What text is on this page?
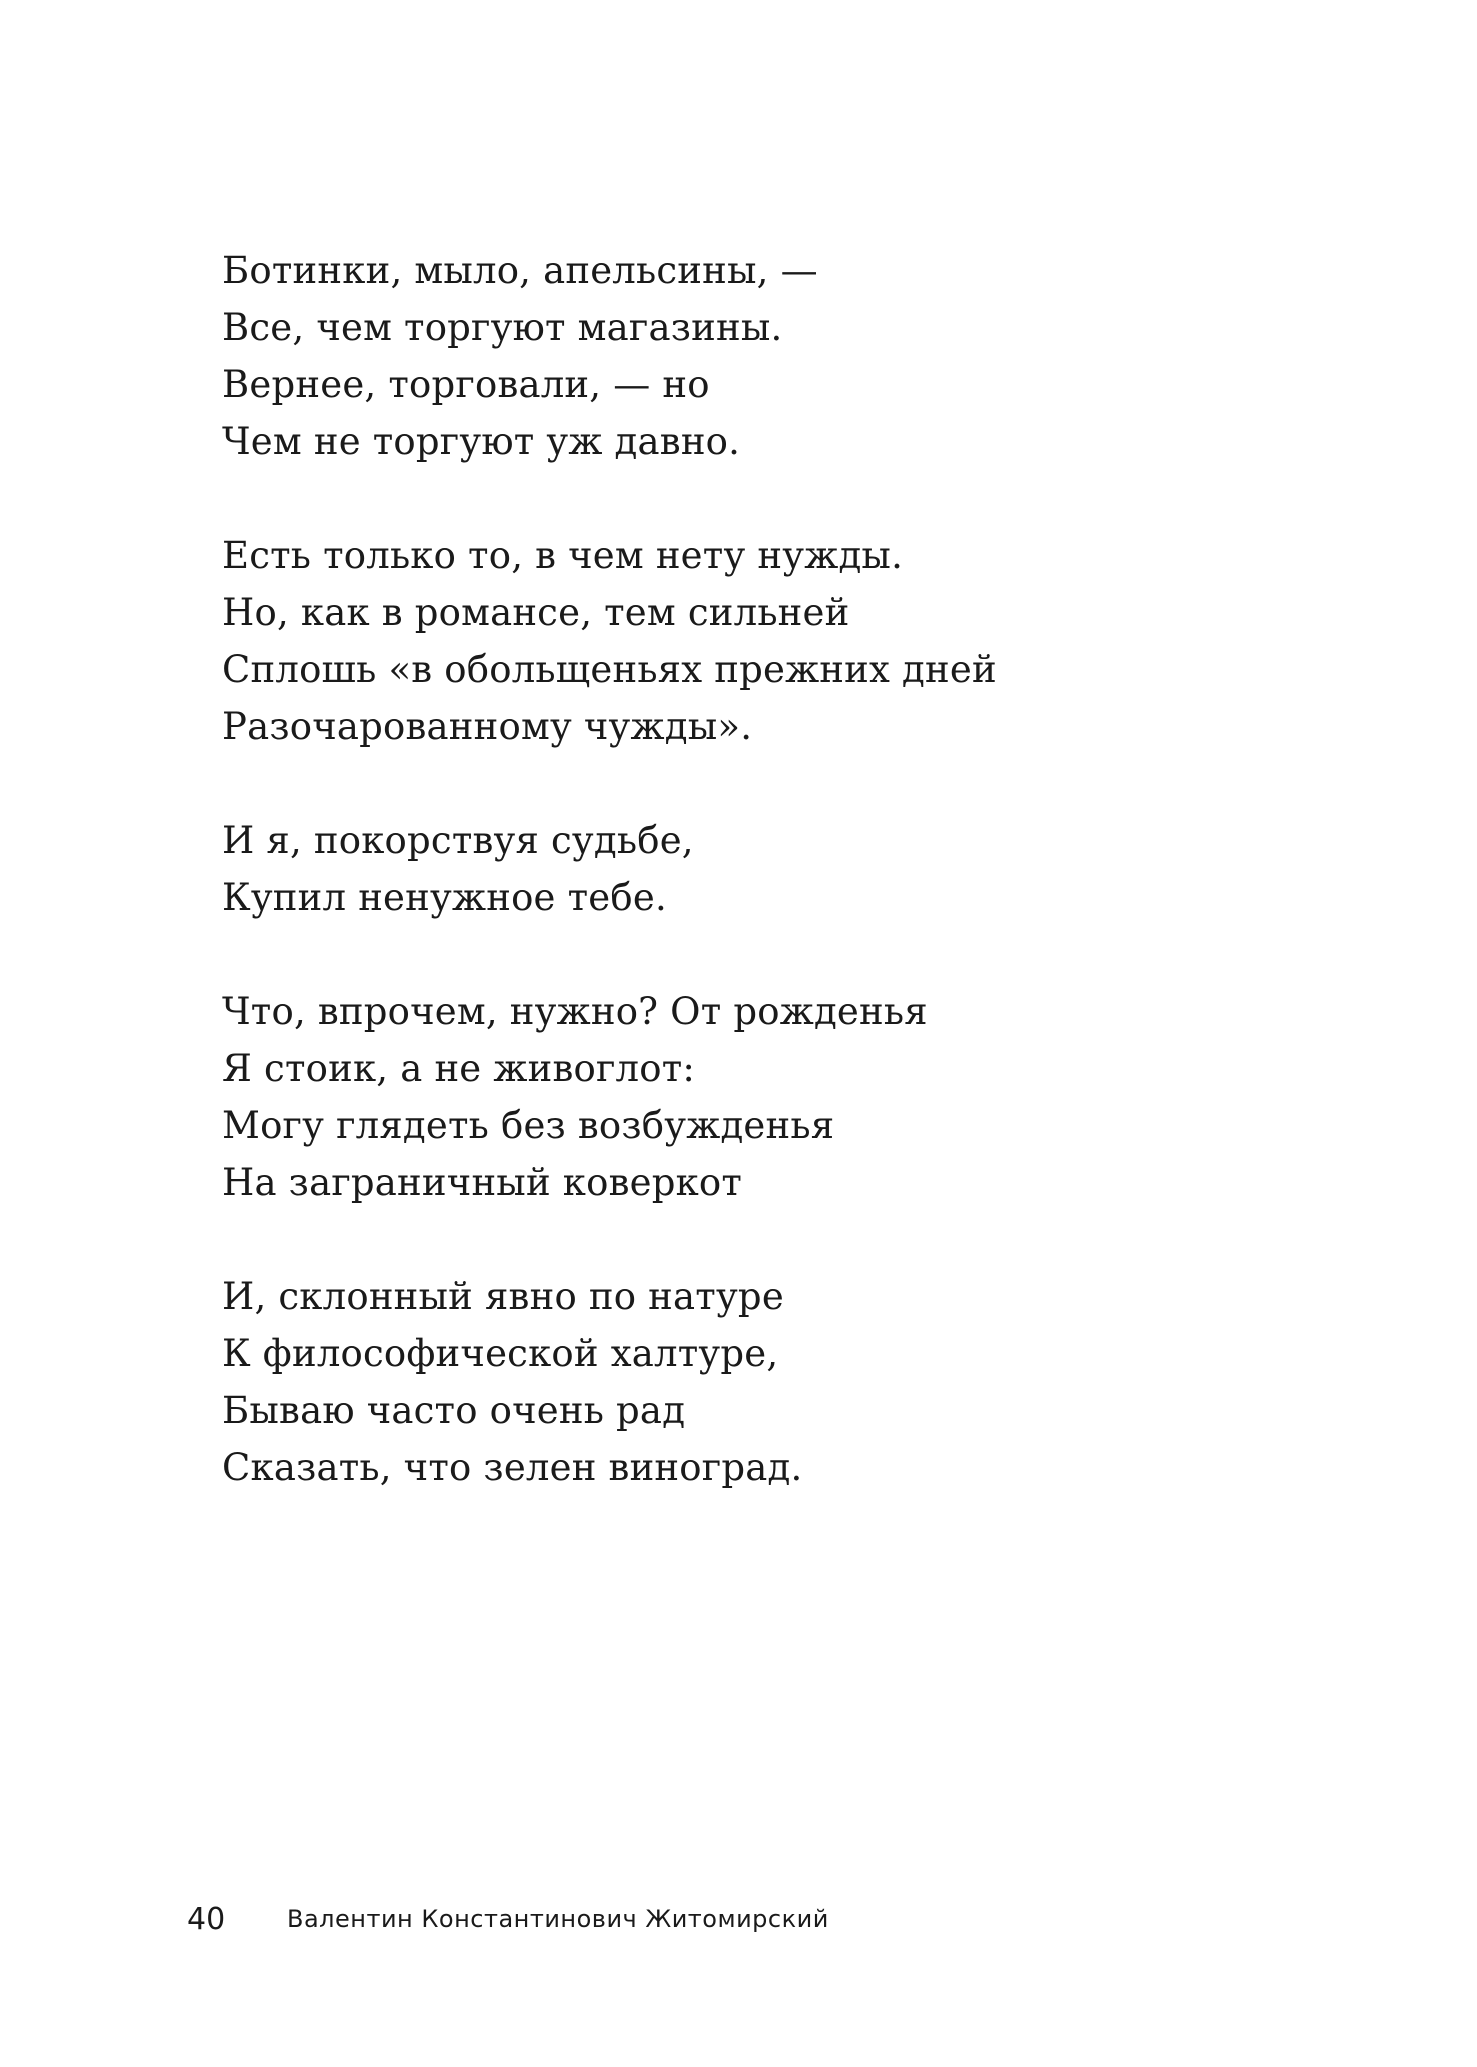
Ботинки, мыло, апельсины, —
Все, чем торгуют магазины.
Вернее, торговали, — но
Чем не торгуют уж давно.
Есть только то, в чем нету нужды.
Но, как в романсе, тем сильней
Сплошь «в обольщеньях прежних дней
Разочарованному чужды».
И я, покорствуя судьбе,
Купил ненужное тебе.
Что, впрочем, нужно? От рожденья
Я стоик, а не живоглот:
Могу глядеть без возбужденья
На заграничный коверкот
И, склонный явно по натуре
К философической халтуре,
Бываю часто очень рад
Сказать, что зелен виноград.
40	Валентин Константинович Житомирский
